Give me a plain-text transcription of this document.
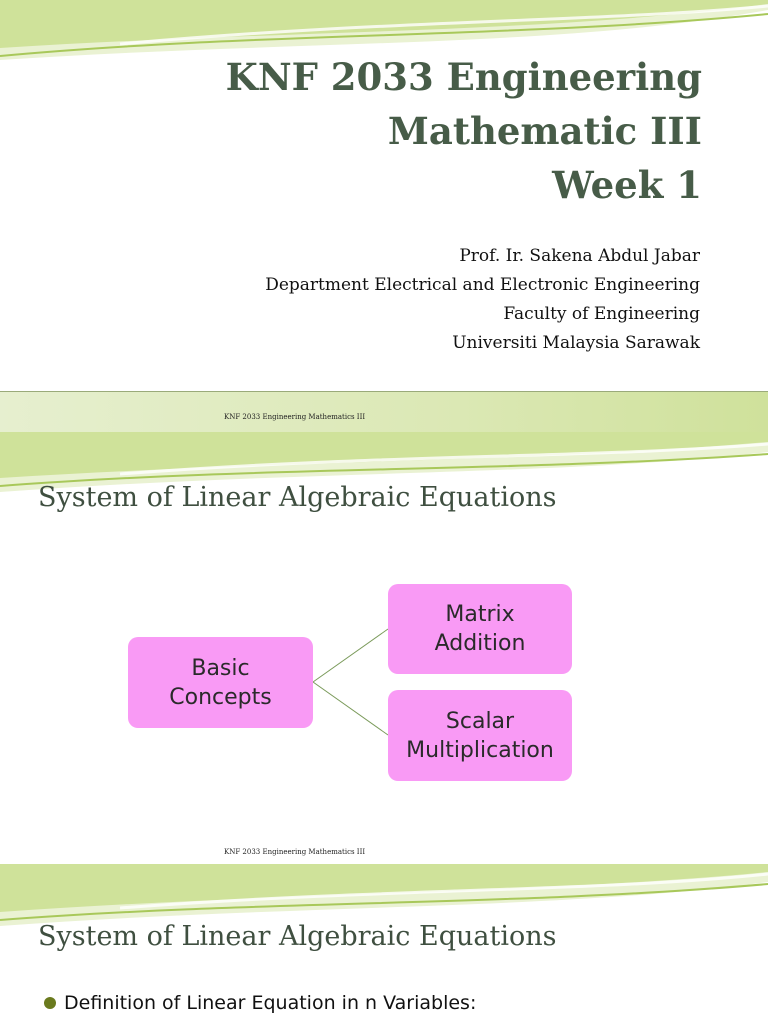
KNF 2033 Engineering
Mathematic III
Week 1
Prof. Ir. Sakena Abdul Jabar
Department Electrical and Electronic Engineering
Faculty of Engineering
Universiti Malaysia Sarawak
KNF 2033 Engineering Mathematics III
System of Linear Algebraic Equations
Basic
Concepts
Matrix
Addition
Scalar
Multiplication
KNF 2033 Engineering Mathematics III
System of Linear Algebraic Equations
Definition of Linear Equation in n Variables:
